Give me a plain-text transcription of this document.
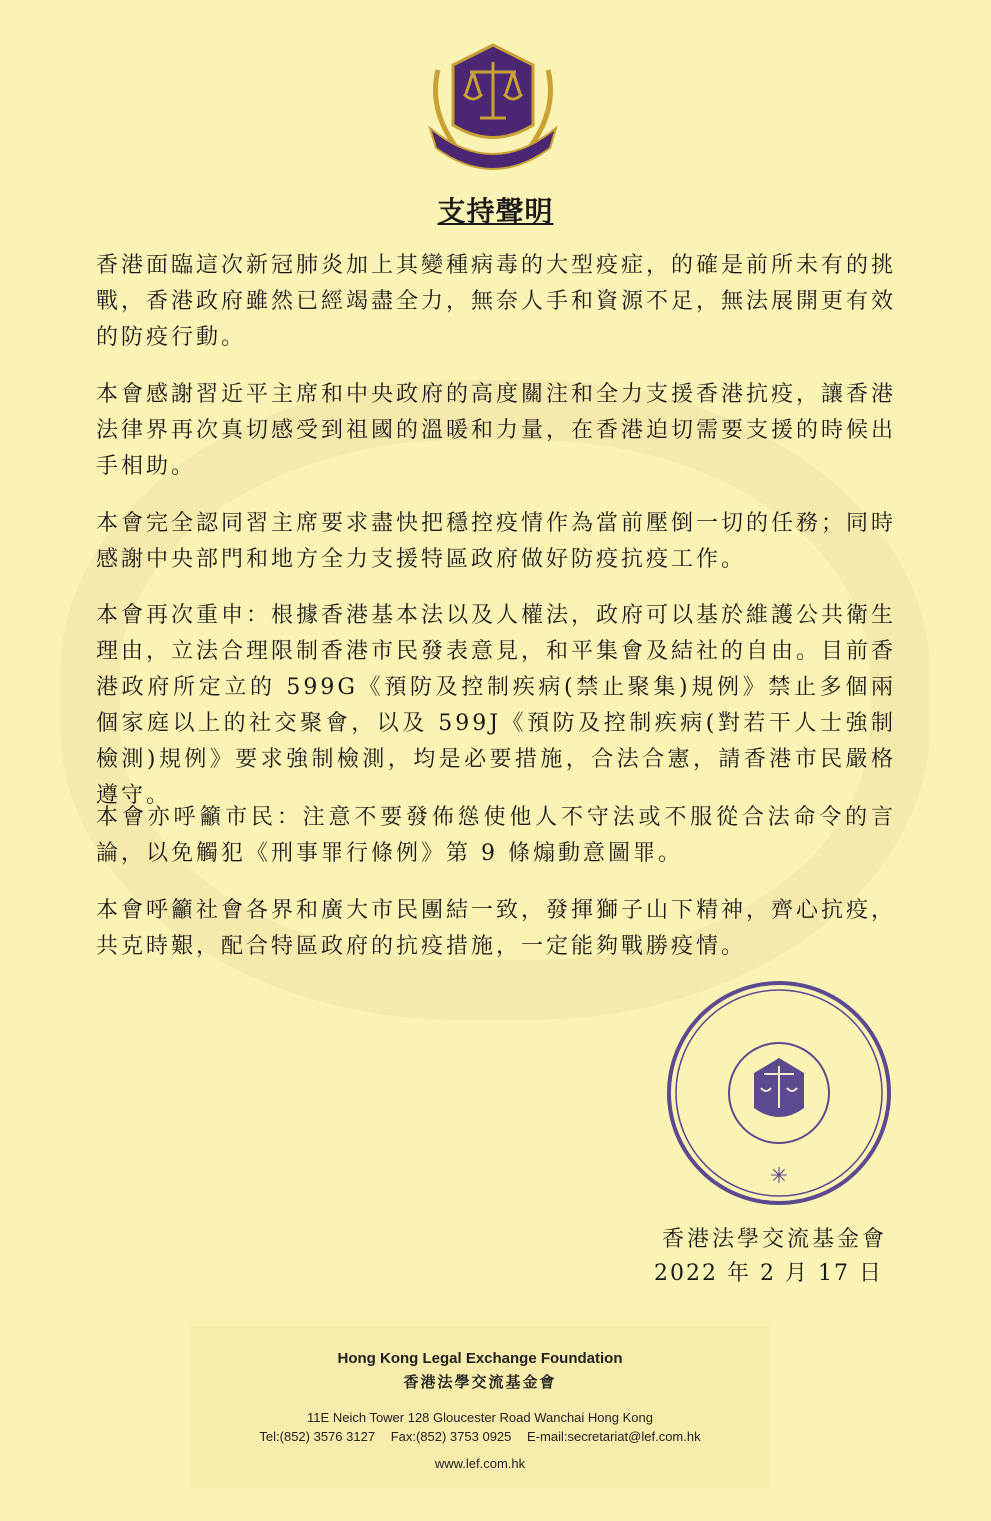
支持聲明

香港面臨這次新冠肺炎加上其變種病毒的大型疫症，的確是前所未有的挑戰，香港政府雖然已經竭盡全力，無奈人手和資源不足，無法展開更有效的防疫行動。

本會感謝習近平主席和中央政府的高度關注和全力支援香港抗疫，讓香港法律界再次真切感受到祖國的溫暖和力量，在香港迫切需要支援的時候出手相助。

本會完全認同習主席要求盡快把穩控疫情作為當前壓倒一切的任務；同時感謝中央部門和地方全力支援特區政府做好防疫抗疫工作。

本會再次重申：根據香港基本法以及人權法，政府可以基於維護公共衛生理由，立法合理限制香港市民發表意見，和平集會及結社的自由。目前香港政府所定立的 599G《預防及控制疾病(禁止聚集)規例》禁止多個兩個家庭以上的社交聚會，以及 599J《預防及控制疾病(對若干人士強制檢測)規例》要求強制檢測，均是必要措施，合法合憲，請香港市民嚴格遵守。

本會亦呼籲市民：注意不要發佈慫使他人不守法或不服從合法命令的言論，以免觸犯《刑事罪行條例》第 9 條煽動意圖罪。

本會呼籲社會各界和廣大市民團結一致，發揮獅子山下精神，齊心抗疫，共克時艱，配合特區政府的抗疫措施，一定能夠戰勝疫情。

✳
香港法學交流基金會
2022 年 2 月 17 日
Hong Kong Legal Exchange Foundation
香港法學交流基金會
11E Neich Tower 128 Gloucester Road Wanchai Hong Kong
Tel:(852) 3576 3127 Fax:(852) 3753 0925 E-mail:secretariat@lef.com.hk
www.lef.com.hk
